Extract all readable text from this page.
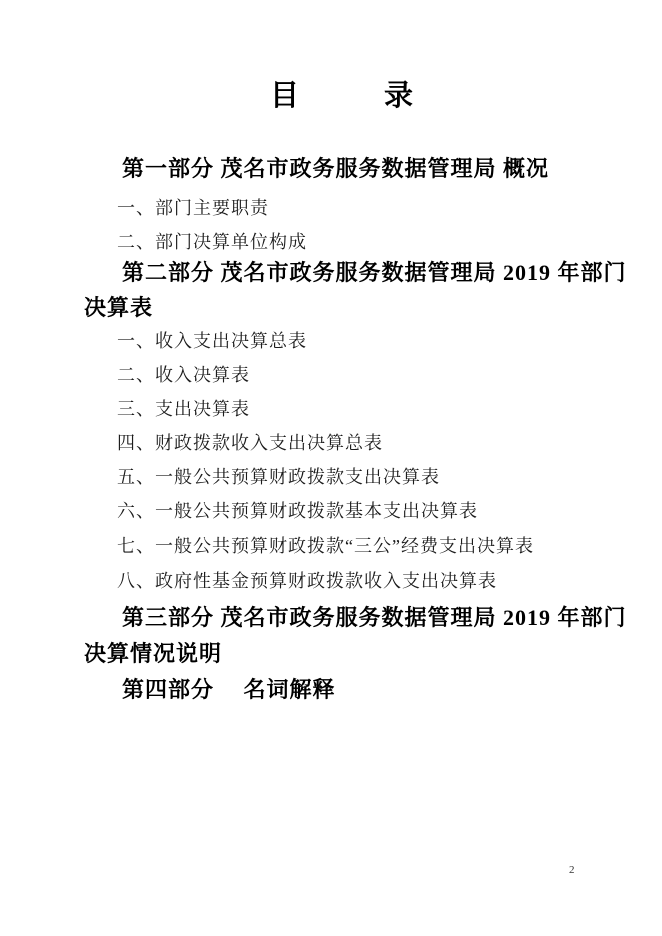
目	录
第一部分 茂名市政务服务数据管理局 概况
一、部门主要职责
二、部门决算单位构成
第二部分 茂名市政务服务数据管理局 2019 年部门
决算表
一、收入支出决算总表
二、收入决算表
三、支出决算表
四、财政拨款收入支出决算总表
五、一般公共预算财政拨款支出决算表
六、一般公共预算财政拨款基本支出决算表
七、一般公共预算财政拨款“三公”经费支出决算表
八、政府性基金预算财政拨款收入支出决算表
第三部分 茂名市政务服务数据管理局 2019 年部门
决算情况说明
第四部分　 名词解释
2
